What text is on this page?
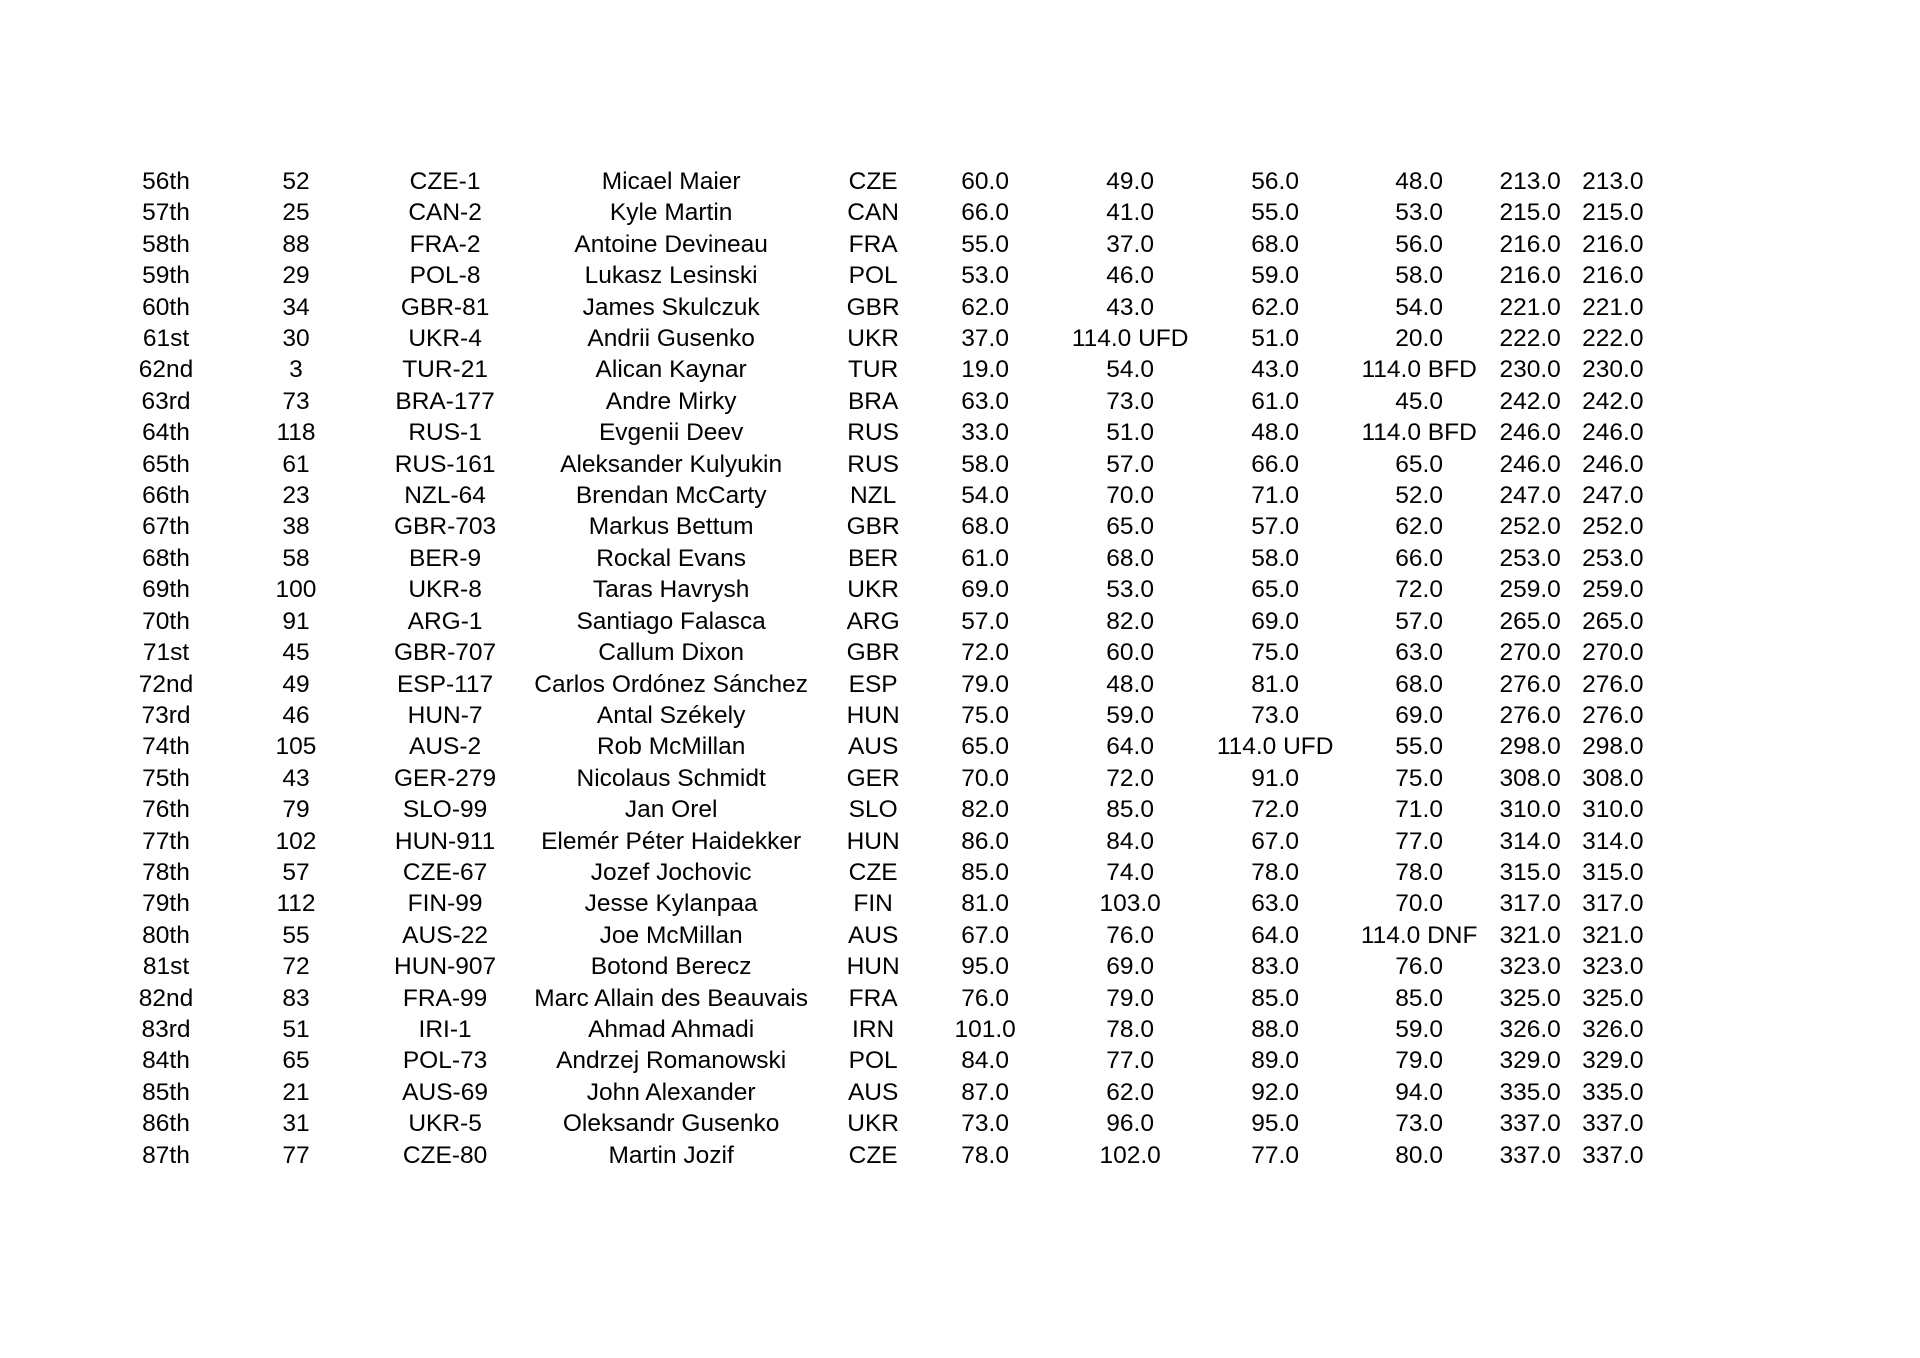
56th	52	CZE-1	Micael Maier	CZE	60.0	49.0	56.0	48.0	213.0	213.0
57th	25	CAN-2	Kyle Martin	CAN	66.0	41.0	55.0	53.0	215.0	215.0
58th	88	FRA-2	Antoine Devineau	FRA	55.0	37.0	68.0	56.0	216.0	216.0
59th	29	POL-8	Lukasz Lesinski	POL	53.0	46.0	59.0	58.0	216.0	216.0
60th	34	GBR-81	James Skulczuk	GBR	62.0	43.0	62.0	54.0	221.0	221.0
61st	30	UKR-4	Andrii Gusenko	UKR	37.0	114.0 UFD	51.0	20.0	222.0	222.0
62nd	3	TUR-21	Alican Kaynar	TUR	19.0	54.0	43.0	114.0 BFD	230.0	230.0
63rd	73	BRA-177	Andre Mirky	BRA	63.0	73.0	61.0	45.0	242.0	242.0
64th	118	RUS-1	Evgenii Deev	RUS	33.0	51.0	48.0	114.0 BFD	246.0	246.0
65th	61	RUS-161	Aleksander Kulyukin	RUS	58.0	57.0	66.0	65.0	246.0	246.0
66th	23	NZL-64	Brendan McCarty	NZL	54.0	70.0	71.0	52.0	247.0	247.0
67th	38	GBR-703	Markus Bettum	GBR	68.0	65.0	57.0	62.0	252.0	252.0
68th	58	BER-9	Rockal Evans	BER	61.0	68.0	58.0	66.0	253.0	253.0
69th	100	UKR-8	Taras Havrysh	UKR	69.0	53.0	65.0	72.0	259.0	259.0
70th	91	ARG-1	Santiago Falasca	ARG	57.0	82.0	69.0	57.0	265.0	265.0
71st	45	GBR-707	Callum Dixon	GBR	72.0	60.0	75.0	63.0	270.0	270.0
72nd	49	ESP-117	Carlos Ordónez Sánchez	ESP	79.0	48.0	81.0	68.0	276.0	276.0
73rd	46	HUN-7	Antal Székely	HUN	75.0	59.0	73.0	69.0	276.0	276.0
74th	105	AUS-2	Rob McMillan	AUS	65.0	64.0	114.0 UFD	55.0	298.0	298.0
75th	43	GER-279	Nicolaus Schmidt	GER	70.0	72.0	91.0	75.0	308.0	308.0
76th	79	SLO-99	Jan Orel	SLO	82.0	85.0	72.0	71.0	310.0	310.0
77th	102	HUN-911	Elemér Péter Haidekker	HUN	86.0	84.0	67.0	77.0	314.0	314.0
78th	57	CZE-67	Jozef Jochovic	CZE	85.0	74.0	78.0	78.0	315.0	315.0
79th	112	FIN-99	Jesse Kylanpaa	FIN	81.0	103.0	63.0	70.0	317.0	317.0
80th	55	AUS-22	Joe McMillan	AUS	67.0	76.0	64.0	114.0 DNF	321.0	321.0
81st	72	HUN-907	Botond Berecz	HUN	95.0	69.0	83.0	76.0	323.0	323.0
82nd	83	FRA-99	Marc Allain des Beauvais	FRA	76.0	79.0	85.0	85.0	325.0	325.0
83rd	51	IRI-1	Ahmad Ahmadi	IRN	101.0	78.0	88.0	59.0	326.0	326.0
84th	65	POL-73	Andrzej Romanowski	POL	84.0	77.0	89.0	79.0	329.0	329.0
85th	21	AUS-69	John Alexander	AUS	87.0	62.0	92.0	94.0	335.0	335.0
86th	31	UKR-5	Oleksandr Gusenko	UKR	73.0	96.0	95.0	73.0	337.0	337.0
87th	77	CZE-80	Martin Jozif	CZE	78.0	102.0	77.0	80.0	337.0	337.0
